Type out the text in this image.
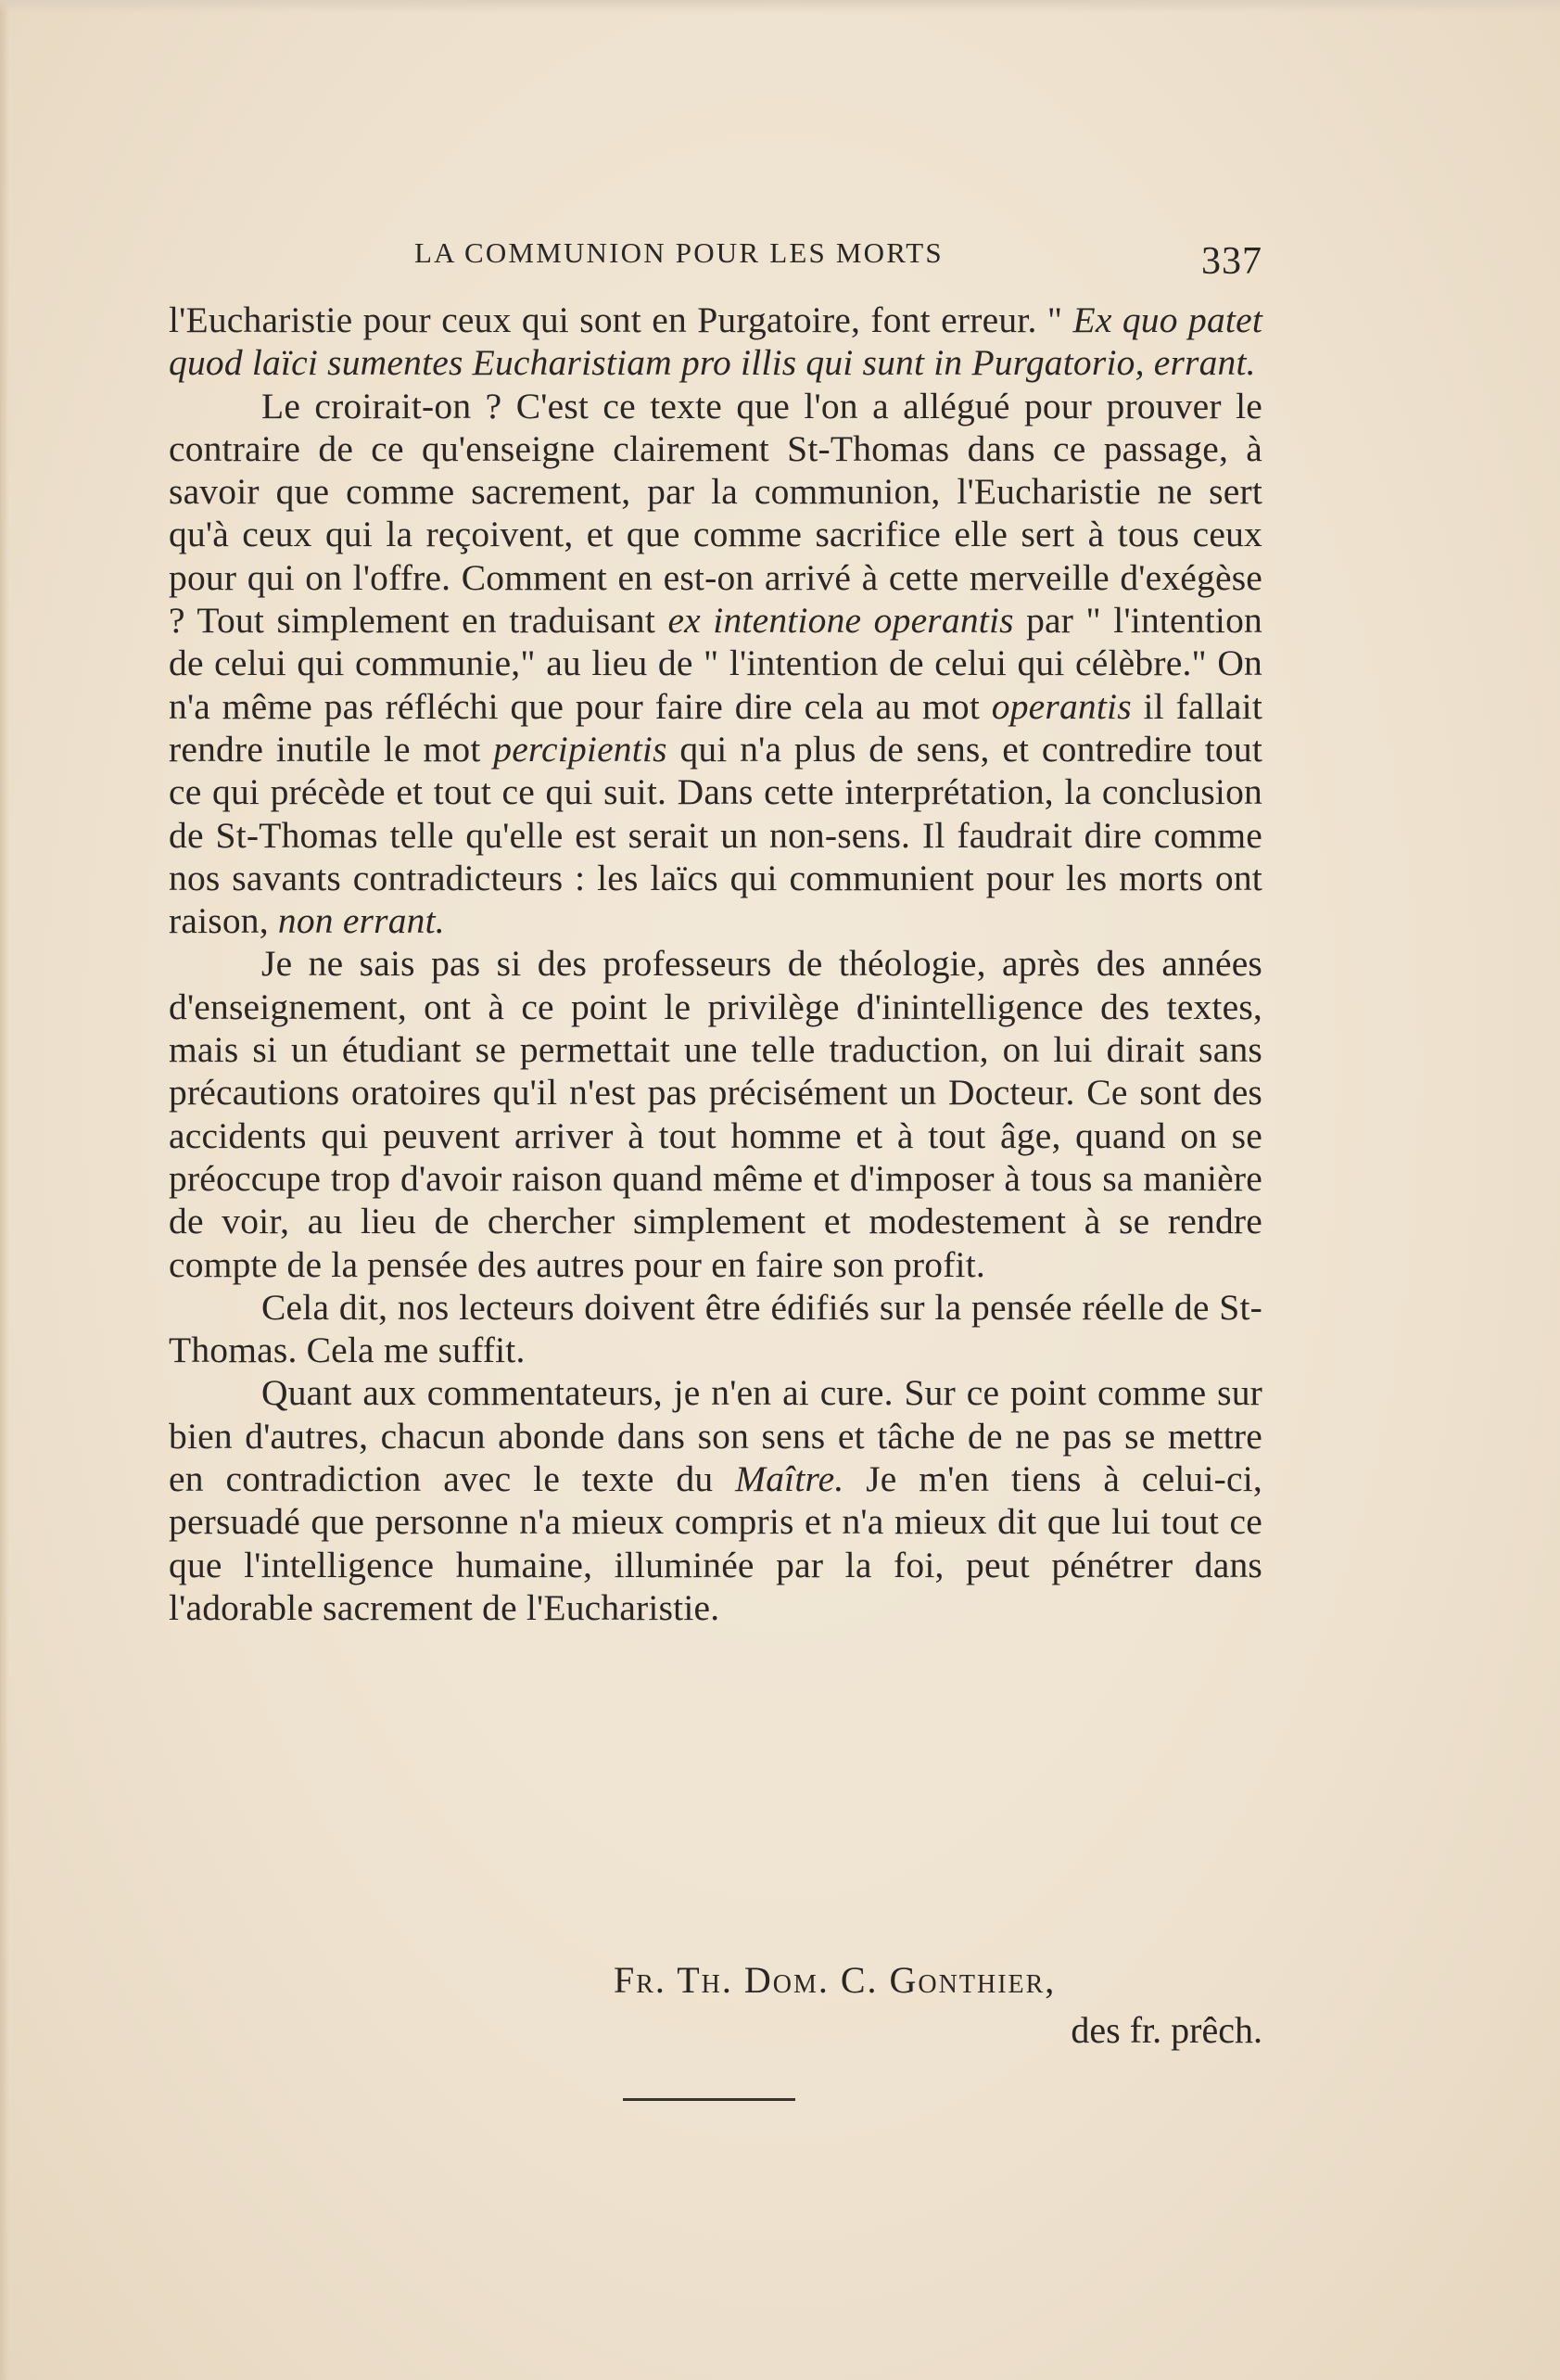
LA COMMUNION POUR LES MORTS	337

l'Eucharistie pour ceux qui sont en Purgatoire, font erreur. " Ex quo patet quod laïci sumentes Eucharistiam pro illis qui sunt in Purgatorio, errant.

Le croirait-on ? C'est ce texte que l'on a allégué pour prouver le contraire de ce qu'enseigne clairement St-Thomas dans ce passage, à savoir que comme sacrement, par la communion, l'Eucharistie ne sert qu'à ceux qui la reçoivent, et que comme sacrifice elle sert à tous ceux pour qui on l'offre. Comment en est-on arrivé à cette merveille d'exégèse ? Tout simplement en traduisant ex intentione operantis par " l'intention de celui qui communie," au lieu de " l'intention de celui qui célèbre." On n'a même pas réfléchi que pour faire dire cela au mot operantis il fallait rendre inutile le mot percipientis qui n'a plus de sens, et contredire tout ce qui précède et tout ce qui suit. Dans cette interprétation, la conclusion de St-Thomas telle qu'elle est serait un non-sens. Il faudrait dire comme nos savants contradicteurs : les laïcs qui communient pour les morts ont raison, non errant.

Je ne sais pas si des professeurs de théologie, après des années d'enseignement, ont à ce point le privilège d'inintelligence des textes, mais si un étudiant se permettait une telle traduction, on lui dirait sans précautions oratoires qu'il n'est pas précisément un Docteur. Ce sont des accidents qui peuvent arriver à tout homme et à tout âge, quand on se préoccupe trop d'avoir raison quand même et d'imposer à tous sa manière de voir, au lieu de chercher simplement et modestement à se rendre compte de la pensée des autres pour en faire son profit.

Cela dit, nos lecteurs doivent être édifiés sur la pensée réelle de St-Thomas. Cela me suffit.

Quant aux commentateurs, je n'en ai cure. Sur ce point comme sur bien d'autres, chacun abonde dans son sens et tâche de ne pas se mettre en contradiction avec le texte du Maître. Je m'en tiens à celui-ci, persuadé que personne n'a mieux compris et n'a mieux dit que lui tout ce que l'intelligence humaine, illuminée par la foi, peut pénétrer dans l'adorable sacrement de l'Eucharistie.

Fr. Th. Dom. C. Gonthier,
des fr. prêch.
